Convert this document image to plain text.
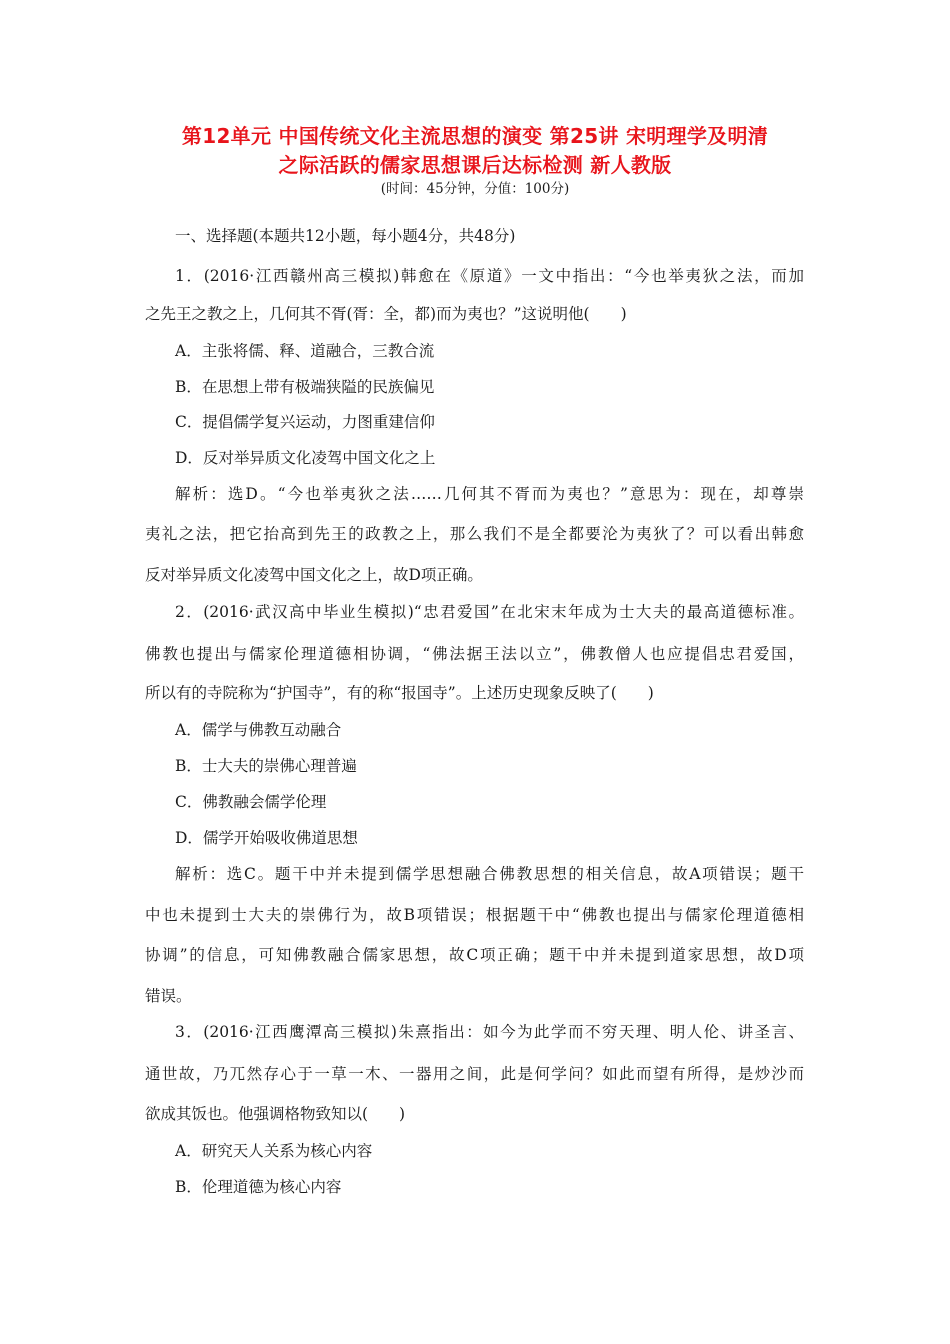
第12单元 中国传统文化主流思想的演变 第25讲 宋明理学及明清
之际活跃的儒家思想课后达标检测 新人教版
(时间：45分钟，分值：100分)
一、选择题(本题共12小题，每小题4分，共48分)
1．(2016·江西赣州高三模拟)韩愈在《原道》一文中指出：“今也举夷狄之法，而加
之先王之教之上，几何其不胥(胥：全，都)而为夷也？”这说明他(　　)
A．主张将儒、释、道融合，三教合流
B．在思想上带有极端狭隘的民族偏见
C．提倡儒学复兴运动，力图重建信仰
D．反对举异质文化凌驾中国文化之上
解析：选D。“今也举夷狄之法……几何其不胥而为夷也？”意思为：现在，却尊崇
夷礼之法，把它抬高到先王的政教之上，那么我们不是全都要沦为夷狄了？可以看出韩愈
反对举异质文化凌驾中国文化之上，故D项正确。
2．(2016·武汉高中毕业生模拟)“忠君爱国”在北宋末年成为士大夫的最高道德标准。
佛教也提出与儒家伦理道德相协调，“佛法据王法以立”，佛教僧人也应提倡忠君爱国，
所以有的寺院称为“护国寺”，有的称“报国寺”。上述历史现象反映了(　　)
A．儒学与佛教互动融合
B．士大夫的崇佛心理普遍
C．佛教融会儒学伦理
D．儒学开始吸收佛道思想
解析：选C。题干中并未提到儒学思想融合佛教思想的相关信息，故A项错误；题干
中也未提到士大夫的崇佛行为，故B项错误；根据题干中“佛教也提出与儒家伦理道德相
协调”的信息，可知佛教融合儒家思想，故C项正确；题干中并未提到道家思想，故D项
错误。
3．(2016·江西鹰潭高三模拟)朱熹指出：如今为此学而不穷天理、明人伦、讲圣言、
通世故，乃兀然存心于一草一木、一器用之间，此是何学问？如此而望有所得，是炒沙而
欲成其饭也。他强调格物致知以(　　)
A．研究天人关系为核心内容
B．伦理道德为核心内容
